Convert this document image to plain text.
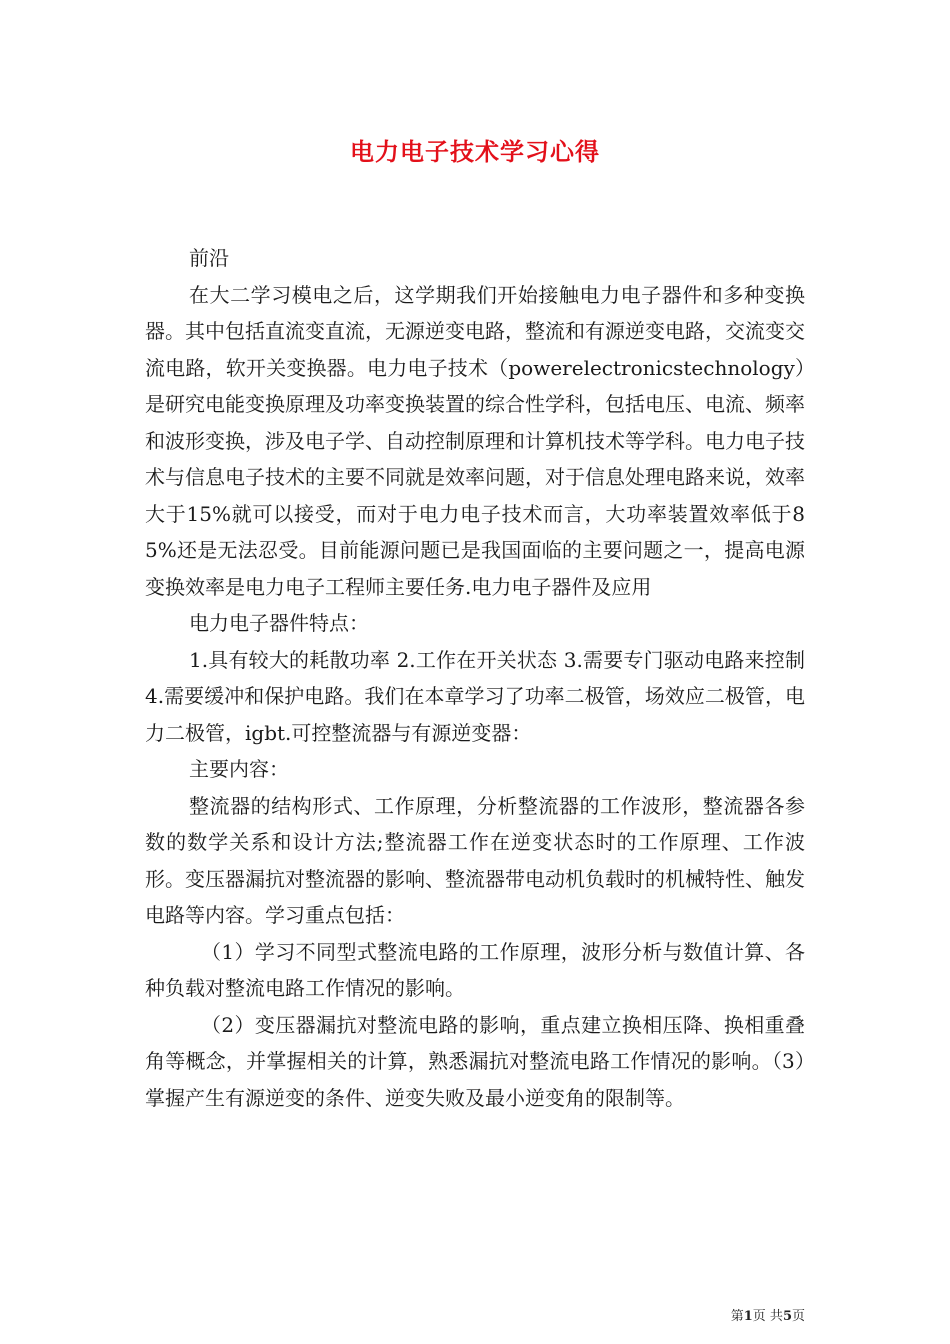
电力电子技术学习心得

前沿

在大二学习模电之后，这学期我们开始接触电力电子器件和多种变换器。其中包括直流变直流，无源逆变电路，整流和有源逆变电路，交流变交流电路，软开关变换器。电力电子技术（powerelectronicstechnology）是研究电能变换原理及功率变换装置的综合性学科，包括电压、电流、频率和波形变换，涉及电子学、自动控制原理和计算机技术等学科。电力电子技术与信息电子技术的主要不同就是效率问题，对于信息处理电路来说，效率大于15%就可以接受，而对于电力电子技术而言，大功率装置效率低于85%还是无法忍受。目前能源问题已是我国面临的主要问题之一，提高电源变换效率是电力电子工程师主要任务.电力电子器件及应用

电力电子器件特点：

1.具有较大的耗散功率 2.工作在开关状态 3.需要专门驱动电路来控制 4.需要缓冲和保护电路。我们在本章学习了功率二极管，场效应二极管，电力二极管，igbt.可控整流器与有源逆变器：

主要内容：

整流器的结构形式、工作原理，分析整流器的工作波形，整流器各参数的数学关系和设计方法;整流器工作在逆变状态时的工作原理、工作波形。变压器漏抗对整流器的影响、整流器带电动机负载时的机械特性、触发电路等内容。学习重点包括：

（1）学习不同型式整流电路的工作原理，波形分析与数值计算、各种负载对整流电路工作情况的影响。

（2）变压器漏抗对整流电路的影响，重点建立换相压降、换相重叠角等概念，并掌握相关的计算，熟悉漏抗对整流电路工作情况的影响。（3）掌握产生有源逆变的条件、逆变失败及最小逆变角的限制等。

第1页 共5页
